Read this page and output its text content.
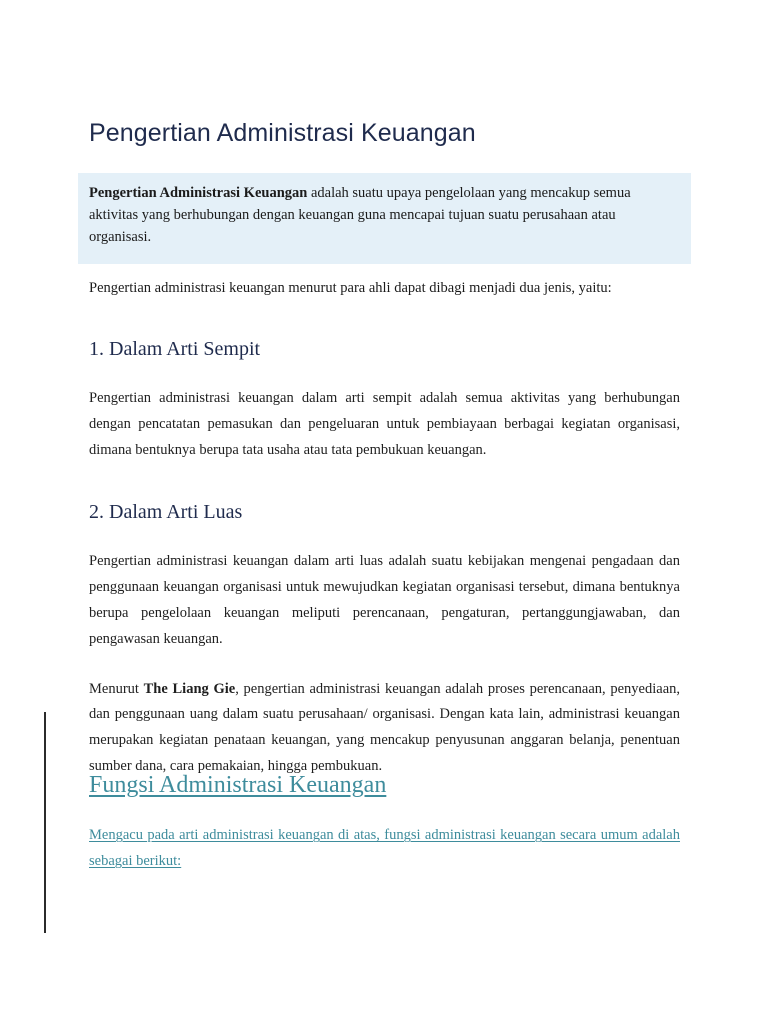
Pengertian Administrasi Keuangan

Pengertian Administrasi Keuangan adalah suatu upaya pengelolaan yang mencakup semua aktivitas yang berhubungan dengan keuangan guna mencapai tujuan suatu perusahaan atau organisasi.

Pengertian administrasi keuangan menurut para ahli dapat dibagi menjadi dua jenis, yaitu:

1. Dalam Arti Sempit

Pengertian administrasi keuangan dalam arti sempit adalah semua aktivitas yang berhubungan dengan pencatatan pemasukan dan pengeluaran untuk pembiayaan berbagai kegiatan organisasi, dimana bentuknya berupa tata usaha atau tata pembukuan keuangan.

2. Dalam Arti Luas

Pengertian administrasi keuangan dalam arti luas adalah suatu kebijakan mengenai pengadaan dan penggunaan keuangan organisasi untuk mewujudkan kegiatan organisasi tersebut, dimana bentuknya berupa pengelolaan keuangan meliputi perencanaan, pengaturan, pertanggungjawaban, dan pengawasan keuangan.

Menurut The Liang Gie, pengertian administrasi keuangan adalah proses perencanaan, penyediaan, dan penggunaan uang dalam suatu perusahaan/ organisasi. Dengan kata lain, administrasi keuangan merupakan kegiatan penataan keuangan, yang mencakup penyusunan anggaran belanja, penentuan sumber dana, cara pemakaian, hingga pembukuan.

Fungsi Administrasi Keuangan

Mengacu pada arti administrasi keuangan di atas, fungsi administrasi keuangan secara umum adalah sebagai berikut:
